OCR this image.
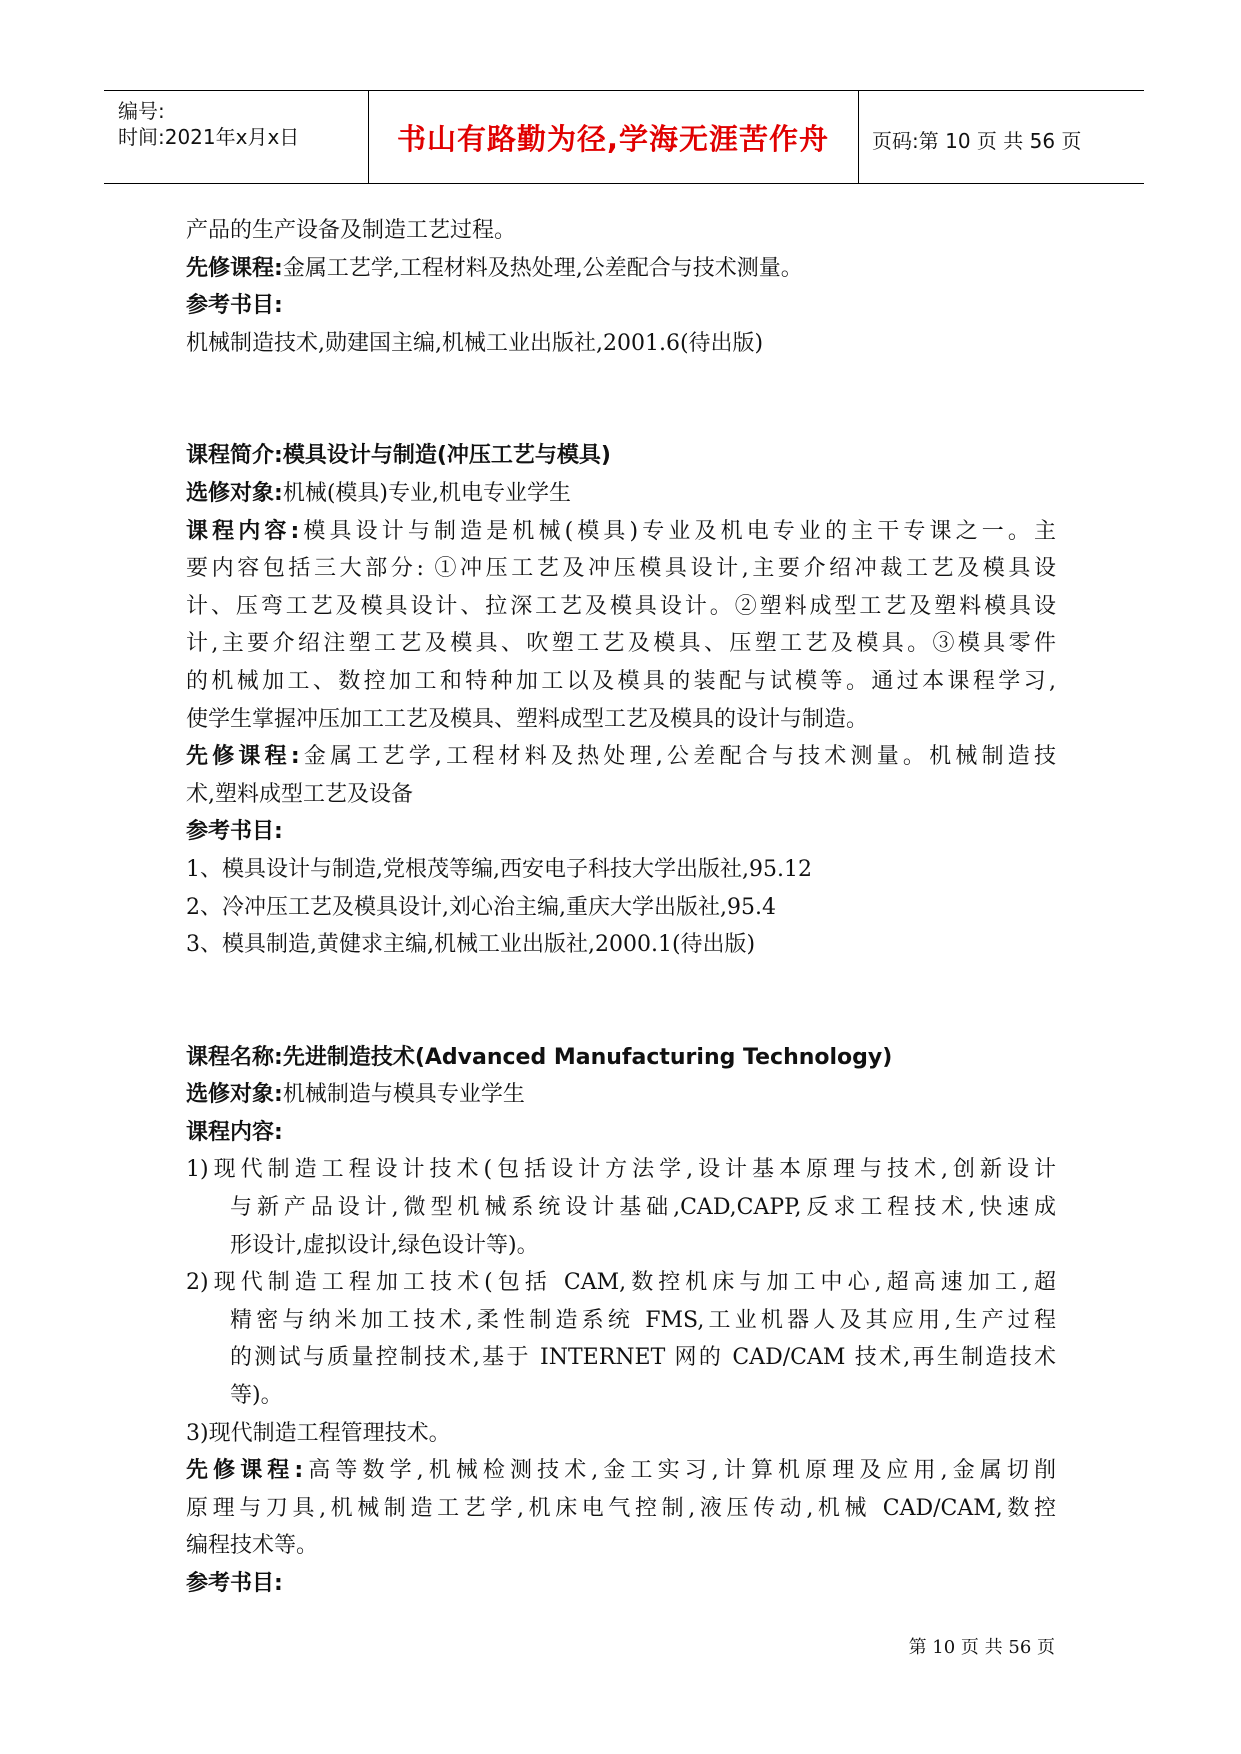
编号:
时间:2021年x月x日	书山有路勤为径,学海无涯苦作舟	页码:第 10 页 共 56 页
产品的生产设备及制造工艺过程。
先修课程:金属工艺学,工程材料及热处理,公差配合与技术测量。
参考书目:
机械制造技术,勋建国主编,机械工业出版社,2001.6(待出版)
课程简介:模具设计与制造(冲压工艺与模具)
选修对象:机械(模具)专业,机电专业学生
课程内容:模具设计与制造是机械(模具)专业及机电专业的主干专课之一。主
要内容包括三大部分: ①冲压工艺及冲压模具设计,主要介绍冲裁工艺及模具设
计、压弯工艺及模具设计、拉深工艺及模具设计。②塑料成型工艺及塑料模具设
计,主要介绍注塑工艺及模具、吹塑工艺及模具、压塑工艺及模具。③模具零件
的机械加工、数控加工和特种加工以及模具的装配与试模等。通过本课程学习,
使学生掌握冲压加工工艺及模具、塑料成型工艺及模具的设计与制造。
先修课程:金属工艺学,工程材料及热处理,公差配合与技术测量。机械制造技
术,塑料成型工艺及设备
参考书目:
1、模具设计与制造,党根茂等编,西安电子科技大学出版社,95.12
2、冷冲压工艺及模具设计,刘心治主编,重庆大学出版社,95.4
3、模具制造,黄健求主编,机械工业出版社,2000.1(待出版)
课程名称:先进制造技术(Advanced Manufacturing Technology)
选修对象:机械制造与模具专业学生
课程内容:
1)现代制造工程设计技术(包括设计方法学,设计基本原理与技术,创新设计
与新产品设计,微型机械系统设计基础,CAD,CAPP,反求工程技术,快速成
形设计,虚拟设计,绿色设计等)。
2)现代制造工程加工技术(包括 CAM,数控机床与加工中心,超高速加工,超
精密与纳米加工技术,柔性制造系统 FMS,工业机器人及其应用,生产过程
的测试与质量控制技术,基于 INTERNET 网的 CAD/CAM 技术,再生制造技术
等)。
3)现代制造工程管理技术。
先修课程:高等数学,机械检测技术,金工实习,计算机原理及应用,金属切削
原理与刀具,机械制造工艺学,机床电气控制,液压传动,机械 CAD/CAM,数控
编程技术等。
参考书目:
第 10 页 共 56 页
